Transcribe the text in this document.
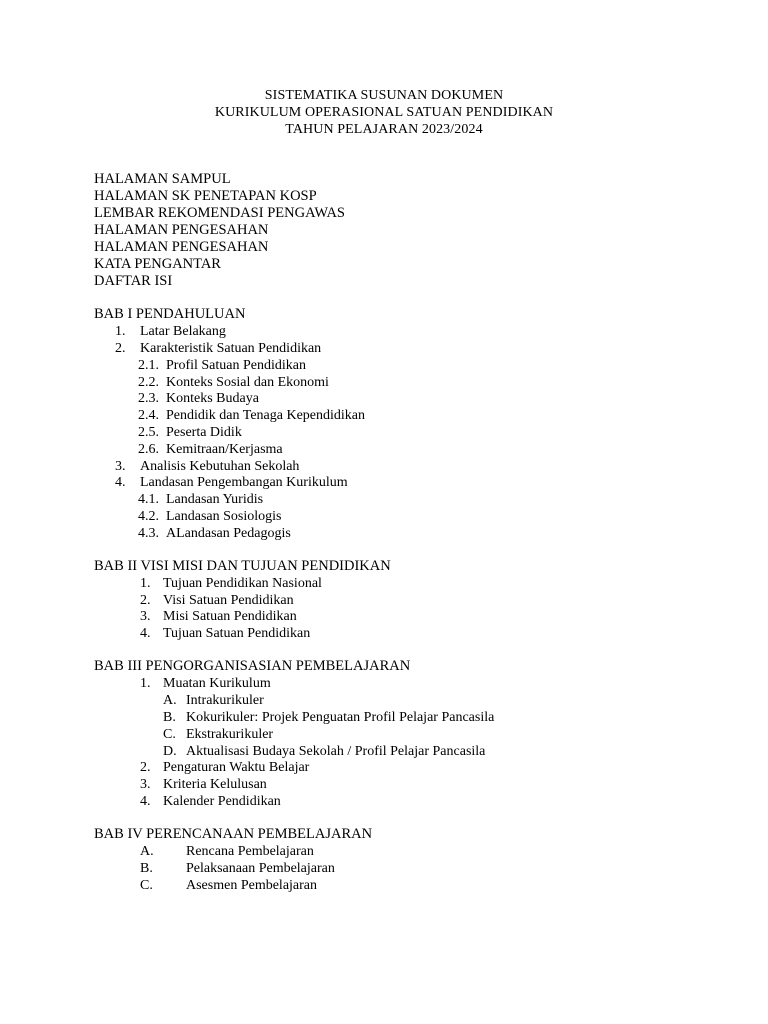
SISTEMATIKA SUSUNAN DOKUMEN
KURIKULUM OPERASIONAL SATUAN PENDIDIKAN
TAHUN PELAJARAN 2023/2024
HALAMAN SAMPUL
HALAMAN SK PENETAPAN KOSP
LEMBAR REKOMENDASI PENGAWAS
HALAMAN PENGESAHAN
HALAMAN PENGESAHAN
KATA PENGANTAR
DAFTAR ISI
BAB I PENDAHULUAN
1. Latar Belakang
2. Karakteristik Satuan Pendidikan
2.1. Profil Satuan Pendidikan
2.2. Konteks Sosial dan Ekonomi
2.3. Konteks Budaya
2.4. Pendidik dan Tenaga Kependidikan
2.5. Peserta Didik
2.6. Kemitraan/Kerjasma
3. Analisis Kebutuhan Sekolah
4. Landasan Pengembangan Kurikulum
4.1. Landasan Yuridis
4.2. Landasan Sosiologis
4.3. ALandasan Pedagogis
BAB II VISI MISI DAN TUJUAN PENDIDIKAN
1. Tujuan Pendidikan Nasional
2. Visi Satuan Pendidikan
3. Misi Satuan Pendidikan
4. Tujuan Satuan Pendidikan
BAB III PENGORGANISASIAN PEMBELAJARAN
1. Muatan Kurikulum
A. Intrakurikuler
B. Kokurikuler: Projek Penguatan Profil Pelajar Pancasila
C. Ekstrakurikuler
D. Aktualisasi Budaya Sekolah / Profil Pelajar Pancasila
2. Pengaturan Waktu Belajar
3. Kriteria Kelulusan
4. Kalender Pendidikan
BAB IV PERENCANAAN PEMBELAJARAN
A. Rencana Pembelajaran
B. Pelaksanaan Pembelajaran
C. Asesmen Pembelajaran
